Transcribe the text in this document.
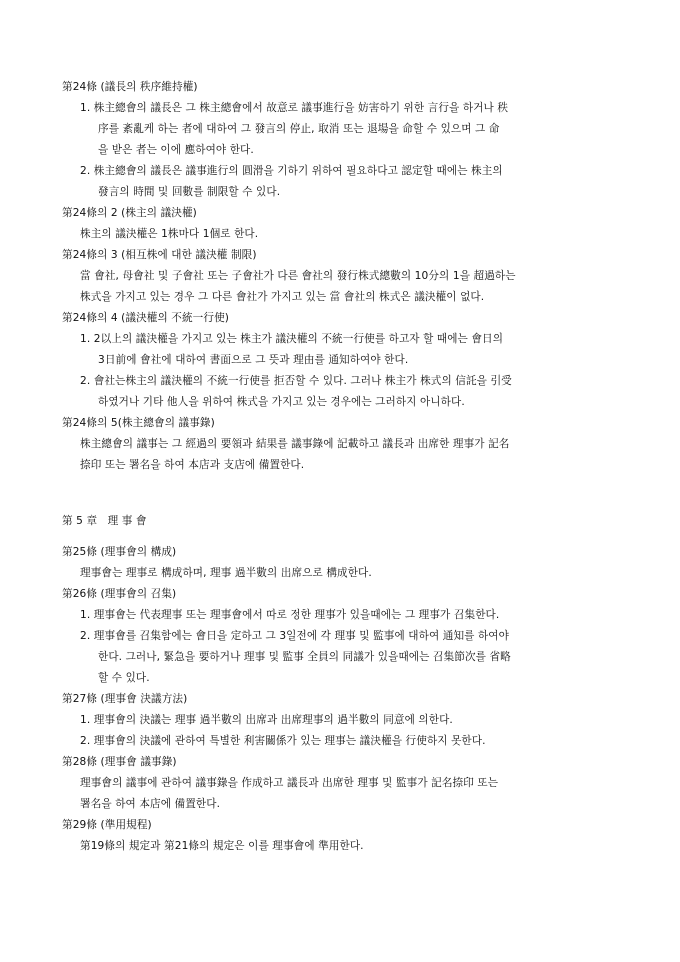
第24條 (議長의 秩序維持權)
1. 株主總會의 議長은 그 株主總會에서 故意로 議事進行을 妨害하기 위한 言行을 하거나 秩
序를 紊亂케 하는 者에 대하여 그 發言의 停止, 取消 또는 退場을 命할 수 있으며 그 命
을 받은 者는 이에 應하여야 한다.
2. 株主總會의 議長은 議事進行의 圓滑을 기하기 위하여 필요하다고 認定할 때에는 株主의
發言의 時間 및 回數를 制限할 수 있다.
第24條의 2 (株主의 議決權)
株主의 議決權은 1株마다 1個로 한다.
第24條의 3 (相互株에 대한 議決權 制限)
當 會社, 母會社 및 子會社 또는 子會社가 다른 會社의 發行株式總數의 10分의 1을 超過하는
株式을 가지고 있는 경우 그 다른 會社가 가지고 있는 當 會社의 株式은 議決權이 없다.
第24條의 4 (議決權의 不統一行使)
1. 2以上의 議決權을 가지고 있는 株主가 議決權의 不統一行使를 하고자 할 때에는 會日의
3日前에 會社에 대하여 書面으로 그 뜻과 理由를 通知하여야 한다.
2. 會社는株主의 議決權의 不統一行使를 拒否할 수 있다. 그러나 株主가 株式의 信託을 引受
하였거나 기타 他人을 위하여 株式을 가지고 있는 경우에는 그러하지 아니하다.
第24條의 5(株主總會의 議事錄)
株主總會의 議事는 그 經過의 要領과 結果를 議事錄에 記載하고 議長과 出席한 理事가 記名
捺印 또는 署名을 하여 本店과 支店에 備置한다.
第 5 章   理 事 會
第25條 (理事會의 構成)
理事會는 理事로 構成하며, 理事 過半數의 出席으로 構成한다.
第26條 (理事會의 召集)
1. 理事會는 代表理事 또는 理事會에서 따로 정한 理事가 있을때에는 그 理事가 召集한다.
2. 理事會를 召集함에는 會日을 定하고 그 3일전에 각 理事 및 監事에 대하여 通知를 하여야
한다. 그러나, 緊急을 要하거나 理事 및 監事 全員의 同議가 있을때에는 召集節次를 省略
할 수 있다.
第27條 (理事會 決議方法)
1. 理事會의 決議는 理事 過半數의 出席과 出席理事의 過半數의 同意에 의한다.
2. 理事會의 決議에 관하여 특별한 利害關係가 있는 理事는 議決權을 行使하지 못한다.
第28條 (理事會 議事錄)
理事會의 議事에 관하여 議事錄을 作成하고 議長과 出席한 理事 및 監事가 記名捺印 또는
署名을 하여 本店에 備置한다.
第29條 (準用規程)
第19條의 規定과 第21條의 規定은 이를 理事會에 準用한다.
